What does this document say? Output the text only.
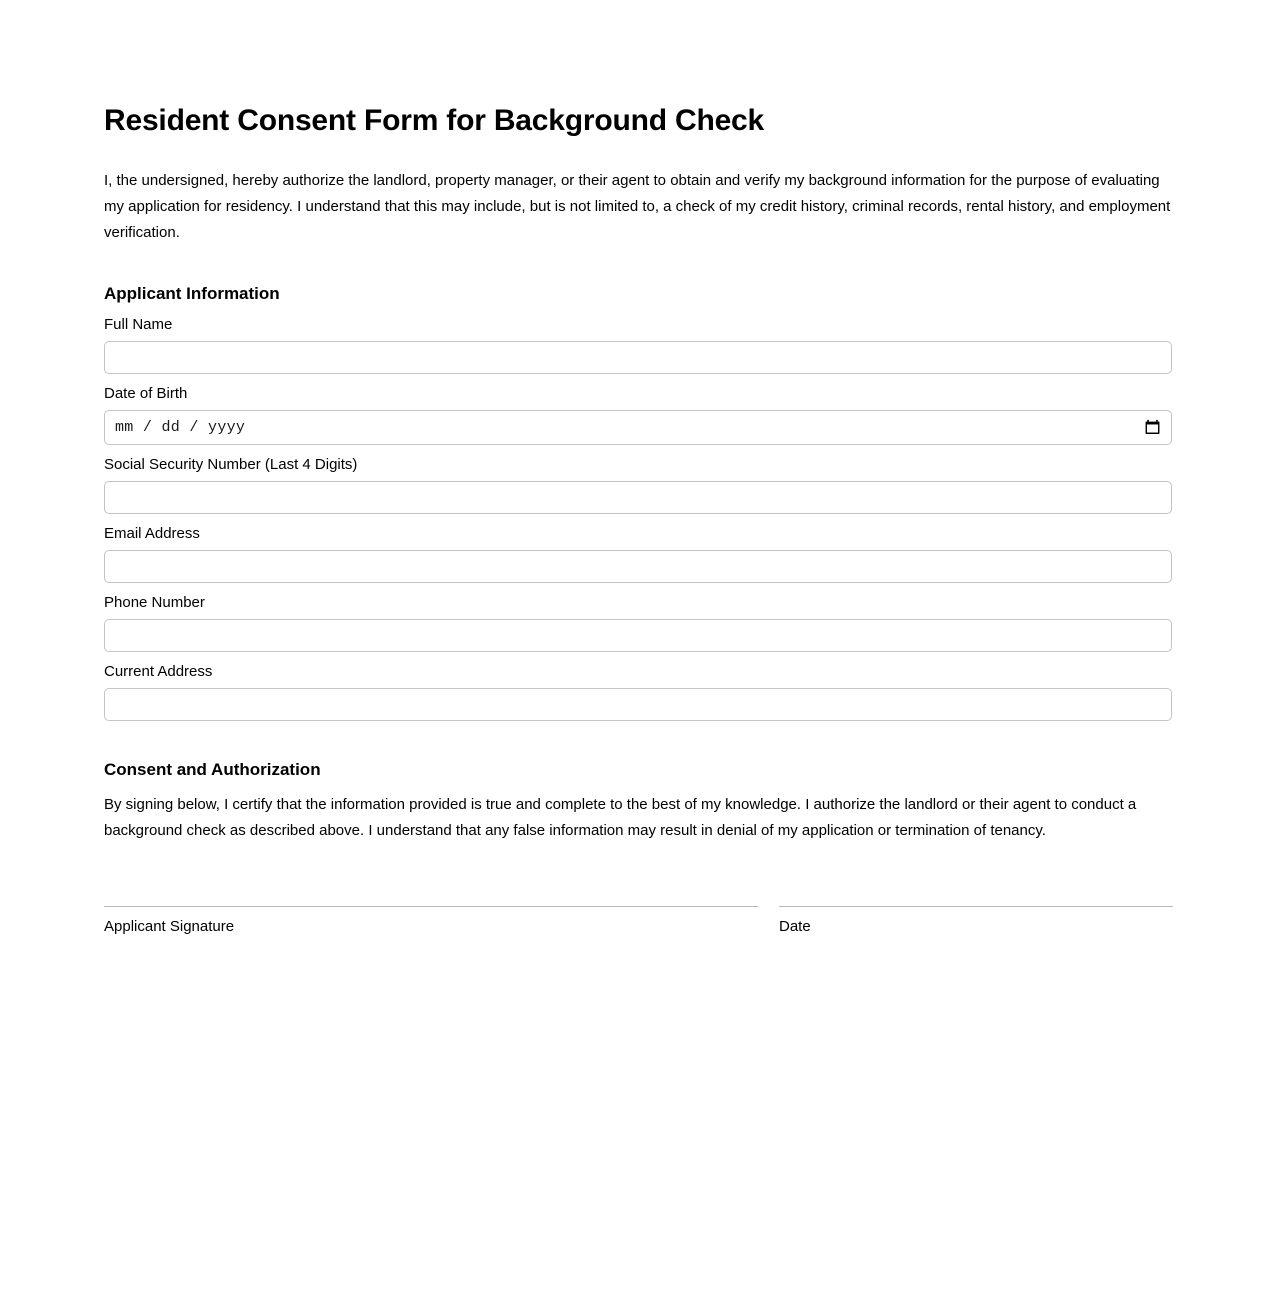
Resident Consent Form for Background Check

I, the undersigned, hereby authorize the landlord, property manager, or their agent to obtain and verify my background information for the purpose of evaluating my application for residency. I understand that this may include, but is not limited to, a check of my credit history, criminal records, rental history, and employment verification.

Applicant Information
Full Name
Date of Birth
mm / dd / yyyy
Social Security Number (Last 4 Digits)
Email Address
Phone Number
Current Address
Consent and Authorization

By signing below, I certify that the information provided is true and complete to the best of my knowledge. I authorize the landlord or their agent to conduct a background check as described above. I understand that any false information may result in denial of my application or termination of tenancy.

Applicant Signature	Date
